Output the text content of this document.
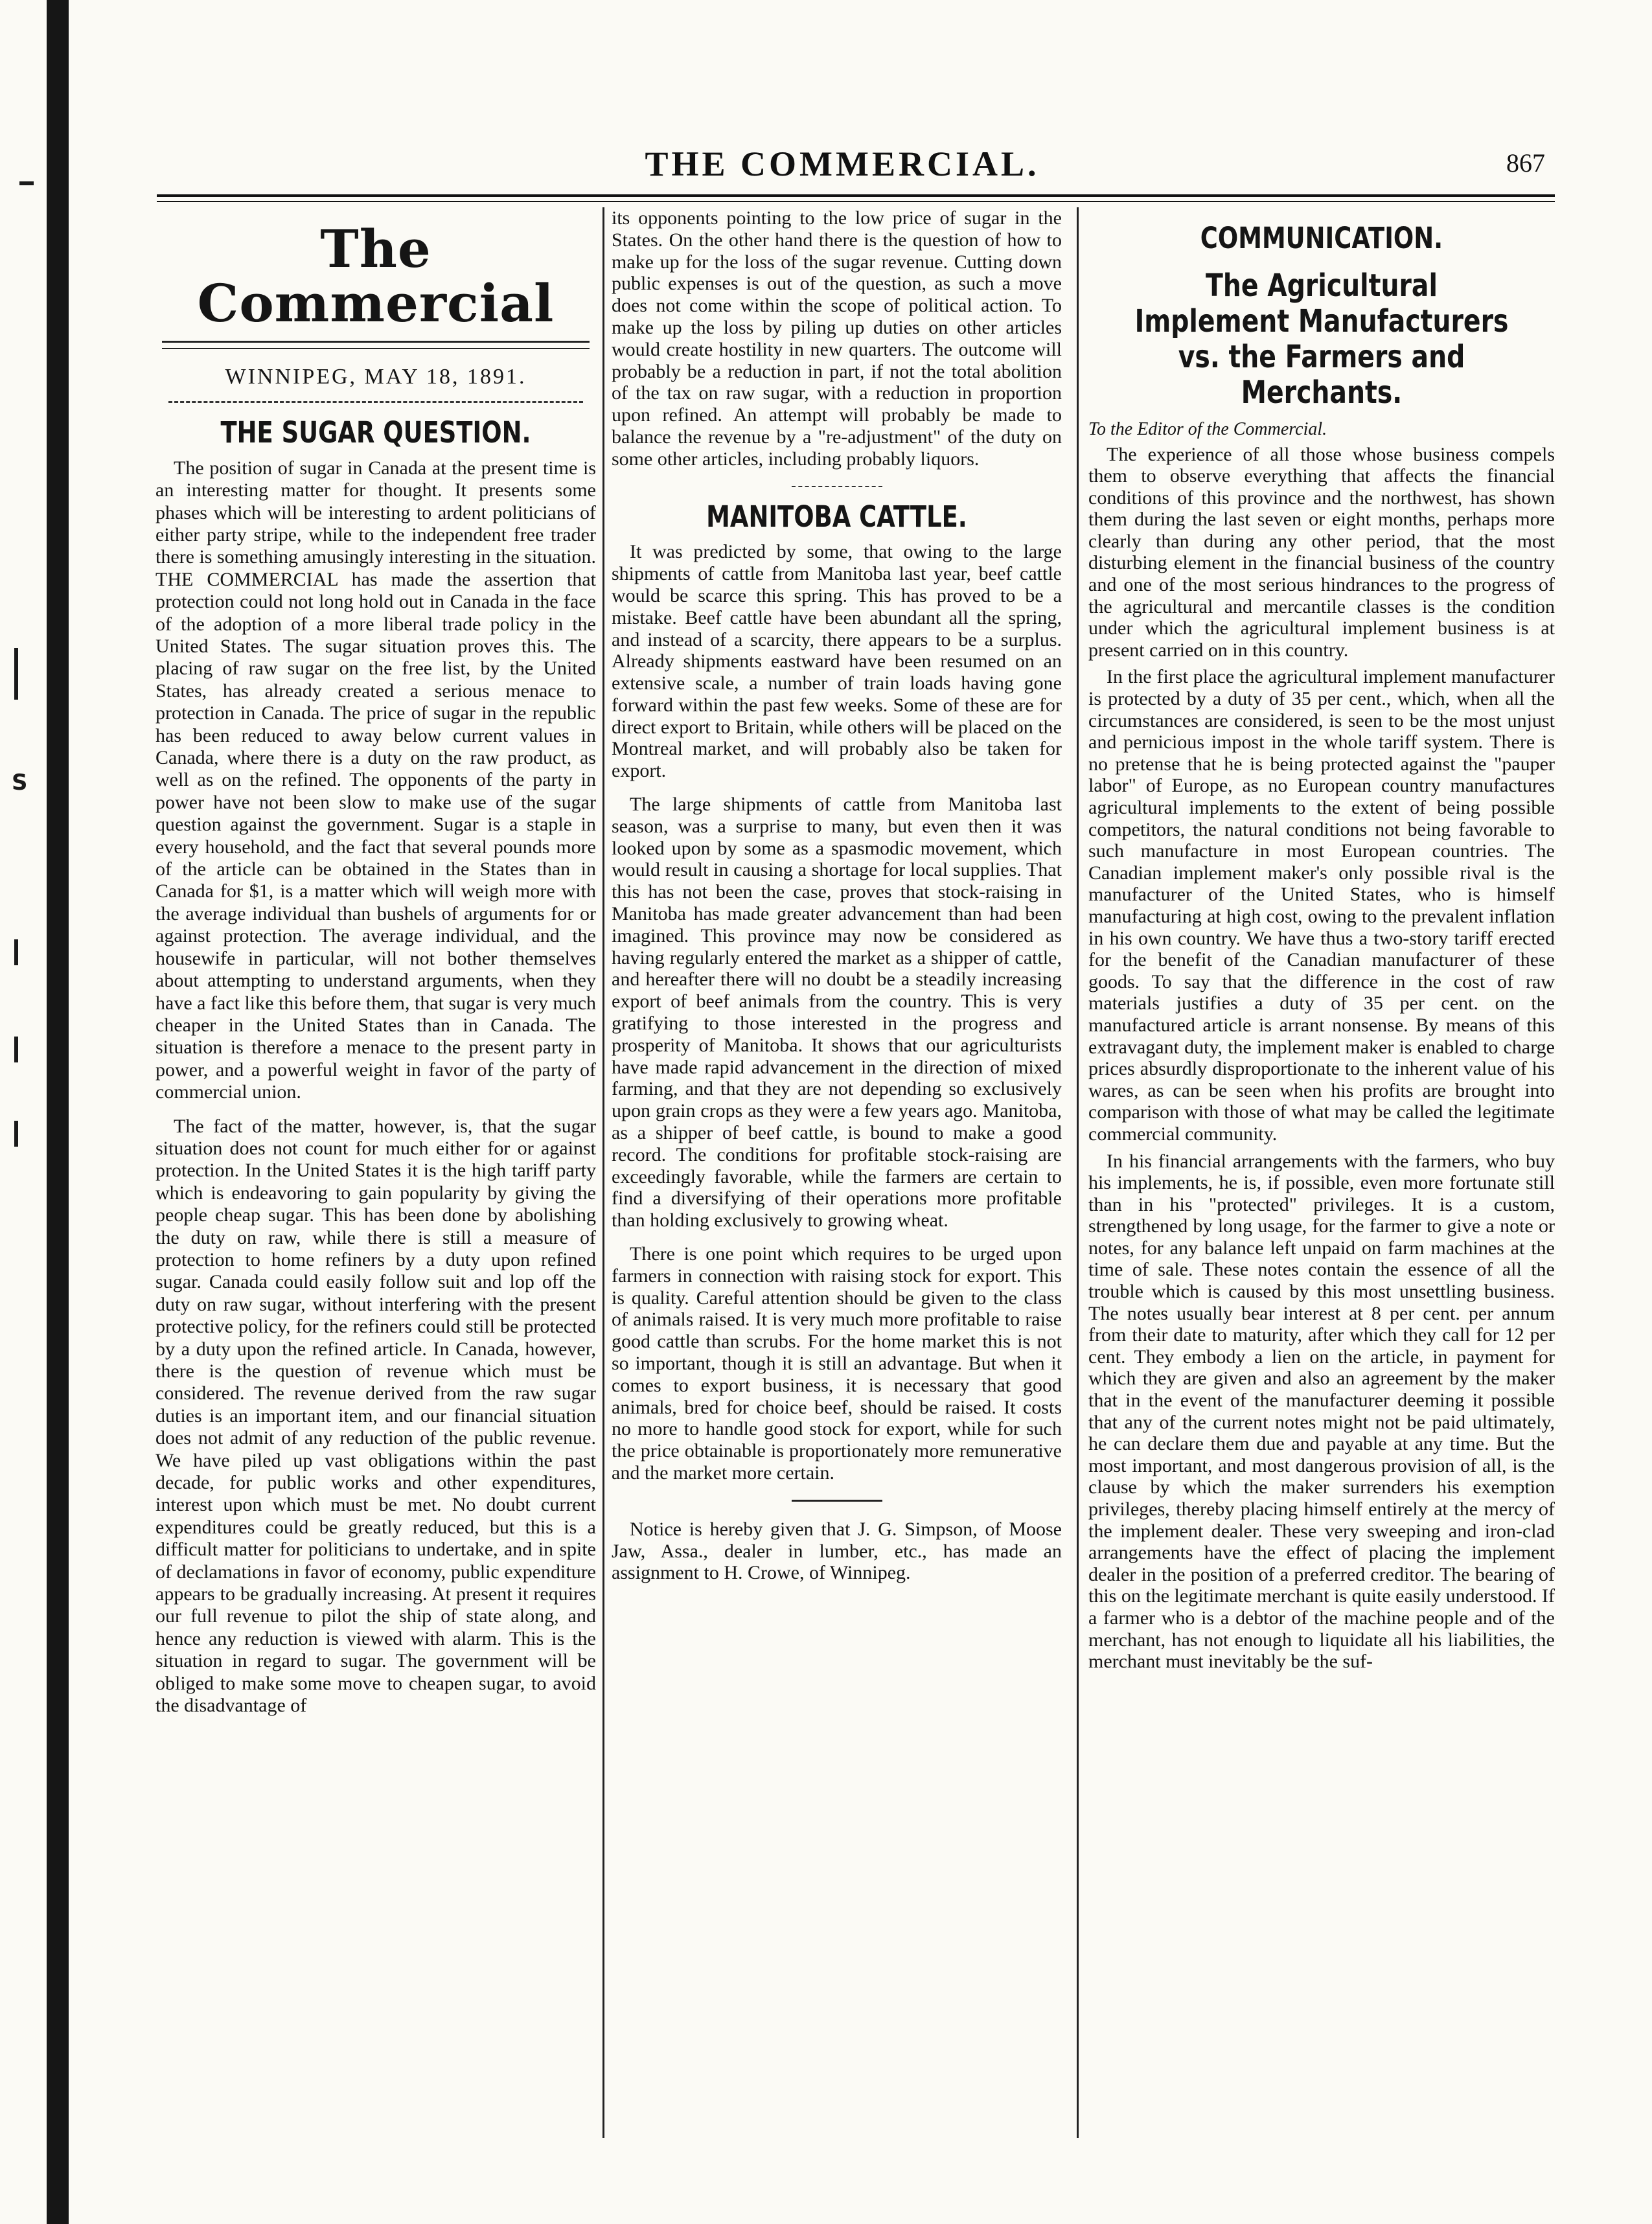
S
THE COMMERCIAL.	867
The Commercial
WINNIPEG, MAY 18, 1891.
THE SUGAR QUESTION.

The position of sugar in Canada at the present time is an interesting matter for thought. It presents some phases which will be interesting to ardent politicians of either party stripe, while to the independent free trader there is something amusingly interesting in the situation. THE COMMERCIAL has made the assertion that protection could not long hold out in Canada in the face of the adoption of a more liberal trade policy in the United States. The sugar situation proves this. The placing of raw sugar on the free list, by the United States, has already created a serious menace to protection in Canada. The price of sugar in the republic has been reduced to away below current values in Canada, where there is a duty on the raw product, as well as on the refined. The opponents of the party in power have not been slow to make use of the sugar question against the government. Sugar is a staple in every household, and the fact that several pounds more of the article can be obtained in the States than in Canada for $1, is a matter which will weigh more with the average individual than bushels of arguments for or against protection. The average individual, and the housewife in particular, will not bother themselves about attempting to understand arguments, when they have a fact like this before them, that sugar is very much cheaper in the United States than in Canada. The situation is therefore a menace to the present party in power, and a powerful weight in favor of the party of commercial union.

The fact of the matter, however, is, that the sugar situation does not count for much either for or against protection. In the United States it is the high tariff party which is endeavoring to gain popularity by giving the people cheap sugar. This has been done by abolishing the duty on raw, while there is still a measure of protection to home refiners by a duty upon refined sugar. Canada could easily follow suit and lop off the duty on raw sugar, without interfering with the present protective policy, for the refiners could still be protected by a duty upon the refined article. In Canada, however, there is the question of revenue which must be considered. The revenue derived from the raw sugar duties is an important item, and our financial situation does not admit of any reduction of the public revenue. We have piled up vast obligations within the past decade, for public works and other expenditures, interest upon which must be met. No doubt current expenditures could be greatly reduced, but this is a difficult matter for politicians to undertake, and in spite of declamations in favor of economy, public expenditure appears to be gradually increasing. At present it requires our full revenue to pilot the ship of state along, and hence any reduction is viewed with alarm. This is the situation in regard to sugar. The government will be obliged to make some move to cheapen sugar, to avoid the disadvantage of

its opponents pointing to the low price of sugar in the States. On the other hand there is the question of how to make up for the loss of the sugar revenue. Cutting down public expenses is out of the question, as such a move does not come within the scope of political action. To make up the loss by piling up duties on other articles would create hostility in new quarters. The outcome will probably be a reduction in part, if not the total abolition of the tax on raw sugar, with a reduction in proportion upon refined. An attempt will probably be made to balance the revenue by a "re-adjustment" of the duty on some other articles, including probably liquors.

MANITOBA CATTLE.

It was predicted by some, that owing to the large shipments of cattle from Manitoba last year, beef cattle would be scarce this spring. This has proved to be a mistake. Beef cattle have been abundant all the spring, and instead of a scarcity, there appears to be a surplus. Already shipments eastward have been resumed on an extensive scale, a number of train loads having gone forward within the past few weeks. Some of these are for direct export to Britain, while others will be placed on the Montreal market, and will probably also be taken for export.

The large shipments of cattle from Manitoba last season, was a surprise to many, but even then it was looked upon by some as a spasmodic movement, which would result in causing a shortage for local supplies. That this has not been the case, proves that stock-raising in Manitoba has made greater advancement than had been imagined. This province may now be considered as having regularly entered the market as a shipper of cattle, and hereafter there will no doubt be a steadily increasing export of beef animals from the country. This is very gratifying to those interested in the progress and prosperity of Manitoba. It shows that our agriculturists have made rapid advancement in the direction of mixed farming, and that they are not depending so exclusively upon grain crops as they were a few years ago. Manitoba, as a shipper of beef cattle, is bound to make a good record. The conditions for profitable stock-raising are exceedingly favorable, while the farmers are certain to find a diversifying of their operations more profitable than holding exclusively to growing wheat.

There is one point which requires to be urged upon farmers in connection with raising stock for export. This is quality. Careful attention should be given to the class of animals raised. It is very much more profitable to raise good cattle than scrubs. For the home market this is not so important, though it is still an advantage. But when it comes to export business, it is necessary that good animals, bred for choice beef, should be raised. It costs no more to handle good stock for export, while for such the price obtainable is proportionately more remunerative and the market more certain.

Notice is hereby given that J. G. Simpson, of Moose Jaw, Assa., dealer in lumber, etc., has made an assignment to H. Crowe, of Winnipeg.

COMMUNICATION.
The Agricultural Implement Manufacturers vs. the Farmers and Merchants.
To the Editor of the Commercial.

The experience of all those whose business compels them to observe everything that affects the financial conditions of this province and the northwest, has shown them during the last seven or eight months, perhaps more clearly than during any other period, that the most disturbing element in the financial business of the country and one of the most serious hindrances to the progress of the agricultural and mercantile classes is the condition under which the agricultural implement business is at present carried on in this country.

In the first place the agricultural implement manufacturer is protected by a duty of 35 per cent., which, when all the circumstances are considered, is seen to be the most unjust and pernicious impost in the whole tariff system. There is no pretense that he is being protected against the "pauper labor" of Europe, as no European country manufactures agricultural implements to the extent of being possible competitors, the natural conditions not being favorable to such manufacture in most European countries. The Canadian implement maker's only possible rival is the manufacturer of the United States, who is himself manufacturing at high cost, owing to the prevalent inflation in his own country. We have thus a two-story tariff erected for the benefit of the Canadian manufacturer of these goods. To say that the difference in the cost of raw materials justifies a duty of 35 per cent. on the manufactured article is arrant nonsense. By means of this extravagant duty, the implement maker is enabled to charge prices absurdly disproportionate to the inherent value of his wares, as can be seen when his profits are brought into comparison with those of what may be called the legitimate commercial community.

In his financial arrangements with the farmers, who buy his implements, he is, if possible, even more fortunate still than in his "protected" privileges. It is a custom, strengthened by long usage, for the farmer to give a note or notes, for any balance left unpaid on farm machines at the time of sale. These notes contain the essence of all the trouble which is caused by this most unsettling business. The notes usually bear interest at 8 per cent. per annum from their date to maturity, after which they call for 12 per cent. They embody a lien on the article, in payment for which they are given and also an agreement by the maker that in the event of the manufacturer deeming it possible that any of the current notes might not be paid ultimately, he can declare them due and payable at any time. But the most important, and most dangerous provision of all, is the clause by which the maker surrenders his exemption privileges, thereby placing himself entirely at the mercy of the implement dealer. These very sweeping and iron-clad arrangements have the effect of placing the implement dealer in the position of a preferred creditor. The bearing of this on the legitimate merchant is quite easily understood. If a farmer who is a debtor of the machine people and of the merchant, has not enough to liquidate all his liabilities, the merchant must inevitably be the suf-
